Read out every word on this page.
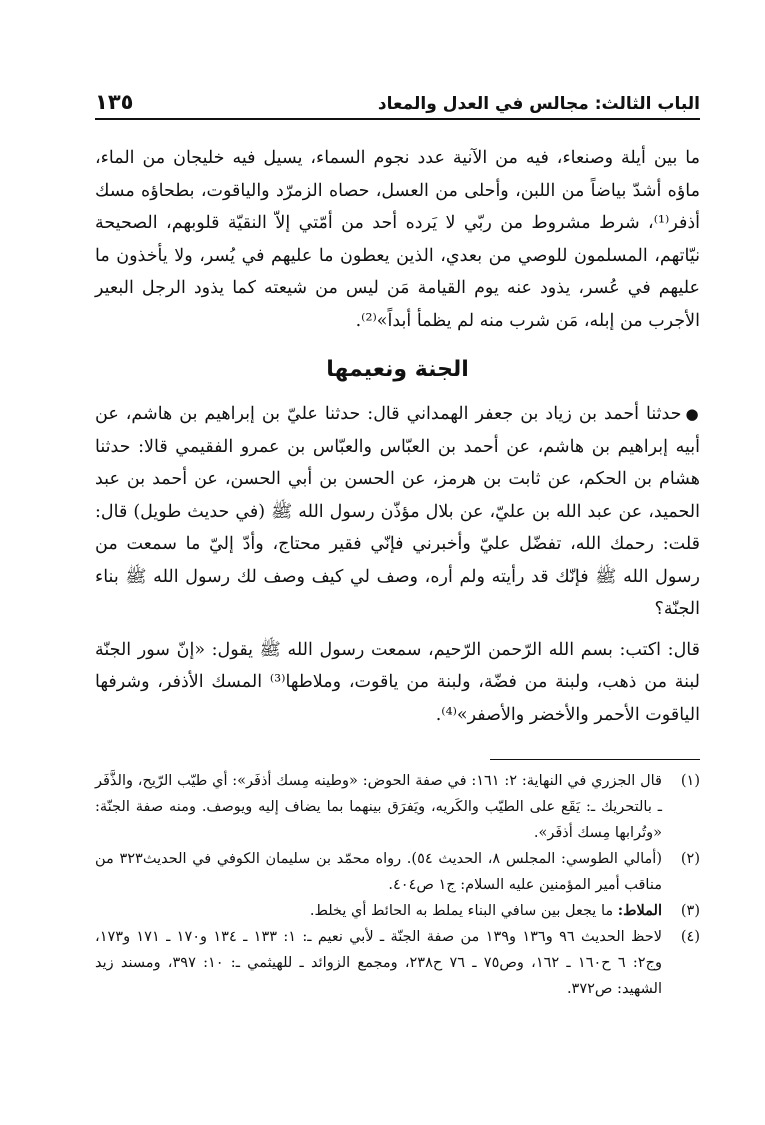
الباب الثالث: مجالس في العدل والمعاد
١٣٥

ما بين أيلة وصنعاء، فيه من الآنية عدد نجوم السماء، يسيل فيه خليجان من الماء، ماؤه أشدّ بياضاً من اللبن، وأحلى من العسل، حصاه الزمرّد والياقوت، بطحاؤه مسك أذفر⁽¹⁾، شرط مشروط من ربّي لا يَرده أحد من أمّتي إلاّ النقيّة قلوبهم، الصحيحة نيّاتهم، المسلمون للوصي من بعدي، الذين يعطون ما عليهم في يُسر، ولا يأخذون ما عليهم في عُسر، يذود عنه يوم القيامة مَن ليس من شيعته كما يذود الرجل البعير الأجرب من إبله، مَن شرب منه لم يظمأ أبداً»⁽²⁾.

الجنة ونعيمها

●حدثنا أحمد بن زياد بن جعفر الهمداني قال: حدثنا عليّ بن إبراهيم بن هاشم، عن أبيه إبراهيم بن هاشم، عن أحمد بن العبّاس والعبّاس بن عمرو الفقيمي قالا: حدثنا هشام بن الحكم، عن ثابت بن هرمز، عن الحسن بن أبي الحسن، عن أحمد بن عبد الحميد، عن عبد الله بن عليّ، عن بلال مؤذّن رسول الله ﷺ (في حديث طويل) قال: قلت: رحمك الله، تفضّل عليّ وأخبرني فإنّي فقير محتاج، وأدّ إليّ ما سمعت من رسول الله ﷺ فإنّك قد رأيته ولم أره، وصف لي كيف وصف لك رسول الله ﷺ بناء الجنّة؟

قال: اكتب: بسم الله الرّحمن الرّحيم، سمعت رسول الله ﷺ يقول: «إنّ سور الجنّة لبنة من ذهب، ولبنة من فضّة، ولبنة من ياقوت، وملاطها⁽³⁾ المسك الأذفر، وشرفها الياقوت الأحمر والأخضر والأصفر»⁽⁴⁾.

(١)
قال الجزري في النهاية: ٢: ١٦١: في صفة الحوض: «وطينه مِسك أذفَر»: أي طيّب الرّيح، والذَّفَر ـ بالتحريك ـ: يَقَع على الطيّب والكَريه، ويَفرَق بينهما بما يضاف إليه ويوصف. ومنه صفة الجنّة: «وتُرابها مِسك أذفَر».
(٢)
(أمالي الطوسي: المجلس ٨، الحديث ٥٤). رواه محمّد بن سليمان الكوفي في الحديث٣٢٣ من مناقب أمير المؤمنين عليه السلام: ج١ ص٤٠٤.
(٣)
الملاط: ما يجعل بين سافي البناء يملط به الحائط أي يخلط.
(٤)
لاحظ الحديث ٩٦ و١٣٦ و١٣٩ من صفة الجنّة ـ لأبي نعيم ـ: ١: ١٣٣ ـ ١٣٤ و١٧٠ ـ ١٧١ و١٧٣، وج٢: ٦ ح١٦٠ ـ ١٦٢، وص٧٥ ـ ٧٦ ح٢٣٨، ومجمع الزوائد ـ للهيثمي ـ: ١٠: ٣٩٧، ومسند زيد الشهيد: ص٣٧٢.
